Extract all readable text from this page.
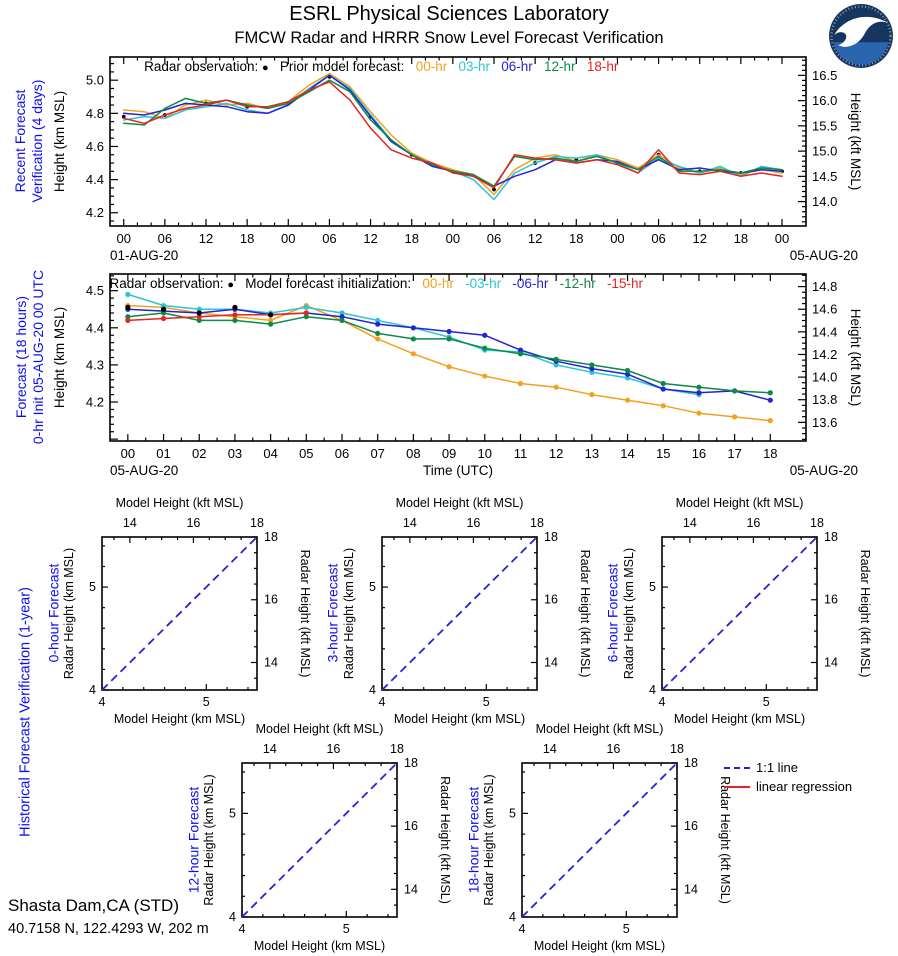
ESRL Physical Sciences Laboratory
FMCW Radar and HRRR Snow Level Forecast Verification
00 06 12 18 00 06 12 18 00 06 12 18 00 06 12 18 00
4.2
4.4
4.6
4.8
5.0
14.0
14.5
15.0
15.5
16.0
16.5
Height (km MSL)	Height (kft MSL)
01-AUG-20	05-AUG-20
Radar observation: ●   Prior model forecast:   00-hr   03-hr   06-hr   12-hr   18-hr
00 01 02 03 04 05 06 07 08 09 10 11 12 13 14 15 16 17 18
4.2
4.3
4.4
4.5
13.6
13.8
14.0
14.2
14.4
14.6
14.8
Height (km MSL)	Height (kft MSL)
05-AUG-20	05-AUG-20
Time (UTC)
Radar observation: ●   Model forecast initialization:   00-hr   -03-hr   -06-hr   -12-hr   -15-hr
4
4
5
5
14
14
16
16
18
18
Model Height (kft MSL)
Model Height (km MSL)
Radar Height (km MSL)	Radar Height (kft MSL)
4
4
5
5
14
14
16
16
18
18
Model Height (kft MSL)
Model Height (km MSL)
Radar Height (km MSL)	Radar Height (kft MSL)
4
4
5
5
14
14
16
16
18
18
Model Height (kft MSL)
Model Height (km MSL)
Radar Height (km MSL)	Radar Height (kft MSL)
4
4
5
5
14
14
16
16
18
18
Model Height (kft MSL)
Model Height (km MSL)
Radar Height (km MSL)	Radar Height (kft MSL)
4
4
5
5
14
14
16
16
18
18
Model Height (kft MSL)
Model Height (km MSL)
Radar Height (km MSL)	Radar Height (kft MSL)
1:1 line
linear regression
Recent Forecast Verification (4 days)
Forecast (18 hours) 0-hr Init 05-AUG-20 00 UTC
Historical Forecast Verification (1-year) 0-hour Forecast	3-hour Forecast	6-hour Forecast
12-hour Forecast	18-hour Forecast
Shasta Dam,CA (STD)
40.7158 N, 122.4293 W, 202 m
